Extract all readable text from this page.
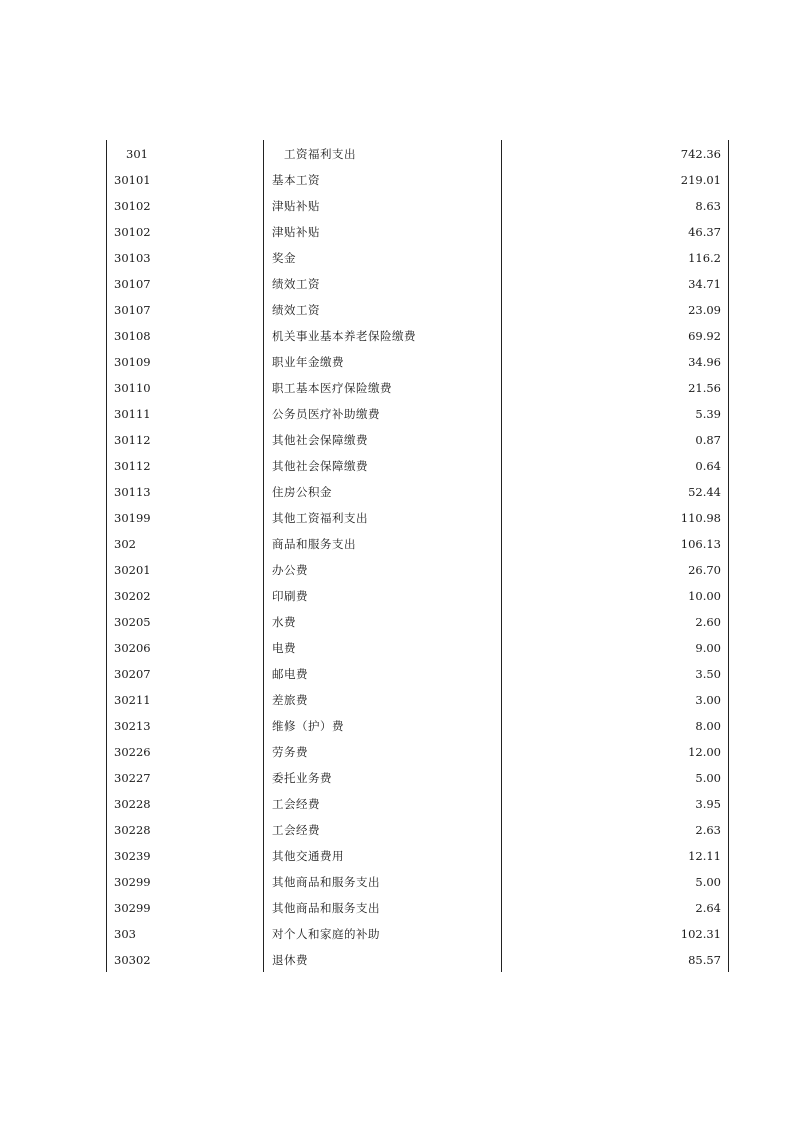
301	工资福利支出	742.36
30101	基本工资	219.01
30102	津贴补贴	8.63
30102	津贴补贴	46.37
30103	奖金	116.2
30107	绩效工资	34.71
30107	绩效工资	23.09
30108	机关事业基本养老保险缴费	69.92
30109	职业年金缴费	34.96
30110	职工基本医疗保险缴费	21.56
30111	公务员医疗补助缴费	5.39
30112	其他社会保障缴费	0.87
30112	其他社会保障缴费	0.64
30113	住房公积金	52.44
30199	其他工资福利支出	110.98
302	商品和服务支出	106.13
30201	办公费	26.70
30202	印刷费	10.00
30205	水费	2.60
30206	电费	9.00
30207	邮电费	3.50
30211	差旅费	3.00
30213	维修（护）费	8.00
30226	劳务费	12.00
30227	委托业务费	5.00
30228	工会经费	3.95
30228	工会经费	2.63
30239	其他交通费用	12.11
30299	其他商品和服务支出	5.00
30299	其他商品和服务支出	2.64
303	对个人和家庭的补助	102.31
30302	退休费	85.57
